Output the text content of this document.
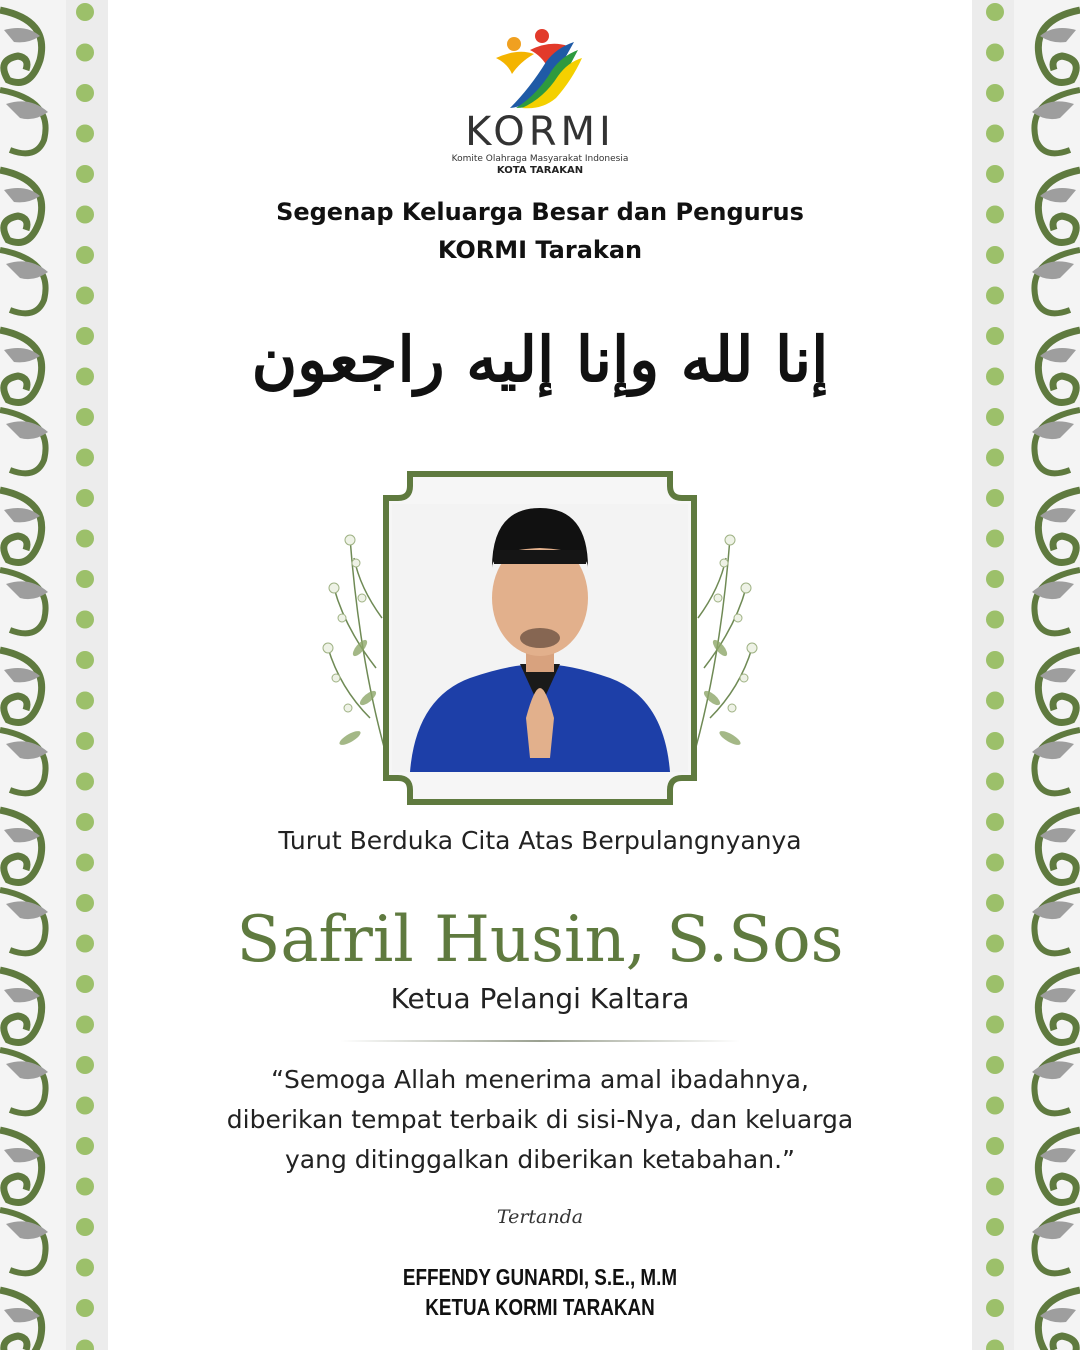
KORMI
Komite Olahraga Masyarakat Indonesia
KOTA TARAKAN
Segenap Keluarga Besar dan Pengurus
KORMI Tarakan
إنا لله وإنا إليه راجعون
Turut Berduka Cita Atas Berpulangnyanya
Safril Husin, S.Sos
Ketua Pelangi Kaltara
“Semoga Allah menerima amal ibadahnya,
diberikan tempat terbaik di sisi-Nya, dan keluarga
yang ditinggalkan diberikan ketabahan.”
Tertanda
EFFENDY GUNARDI, S.E., M.M
KETUA KORMI TARAKAN
